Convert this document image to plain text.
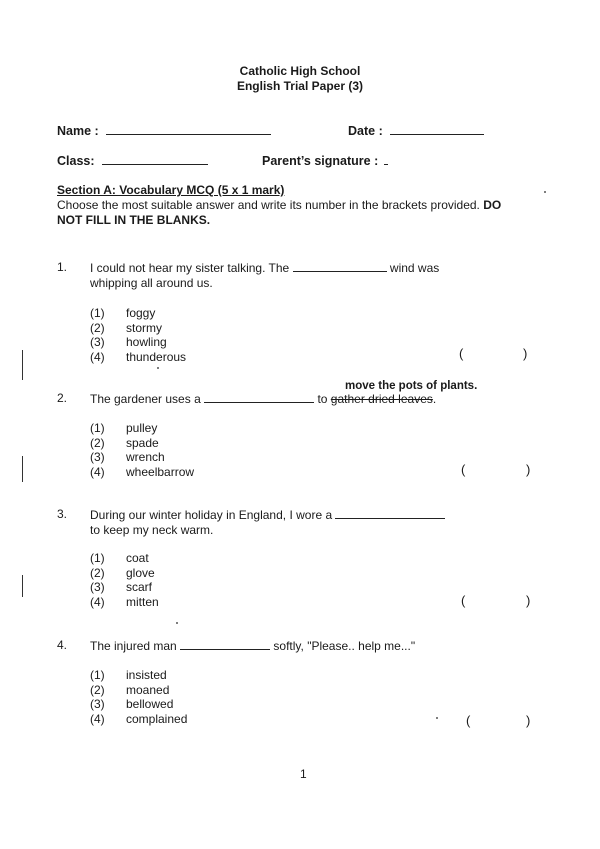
Catholic High School
English Trial Paper (3)
Name :	Date :
Class:	Parent’s signature :
Section A: Vocabulary MCQ (5 x 1 mark)
Choose the most suitable answer and write its number in the brackets provided. DO
NOT FILL IN THE BLANKS.
1. I could not hear my sister talking. The	wind was
whipping all around us.
(1) foggy
(2) stormy
(3) howling
(4) thunderous	(	)
move the pots of plants.
2. The gardener uses a	to gather dried leaves.
(1) pulley
(2) spade
(3) wrench
(4) wheelbarrow	(	)
3. During our winter holiday in England, I wore a
to keep my neck warm.
(1) coat
(2) glove
(3) scarf
(4) mitten	(	)
4. The injured man	softly, "Please.. help me..."
(1) insisted
(2) moaned
(3) bellowed
(4) complained	(	)
1
